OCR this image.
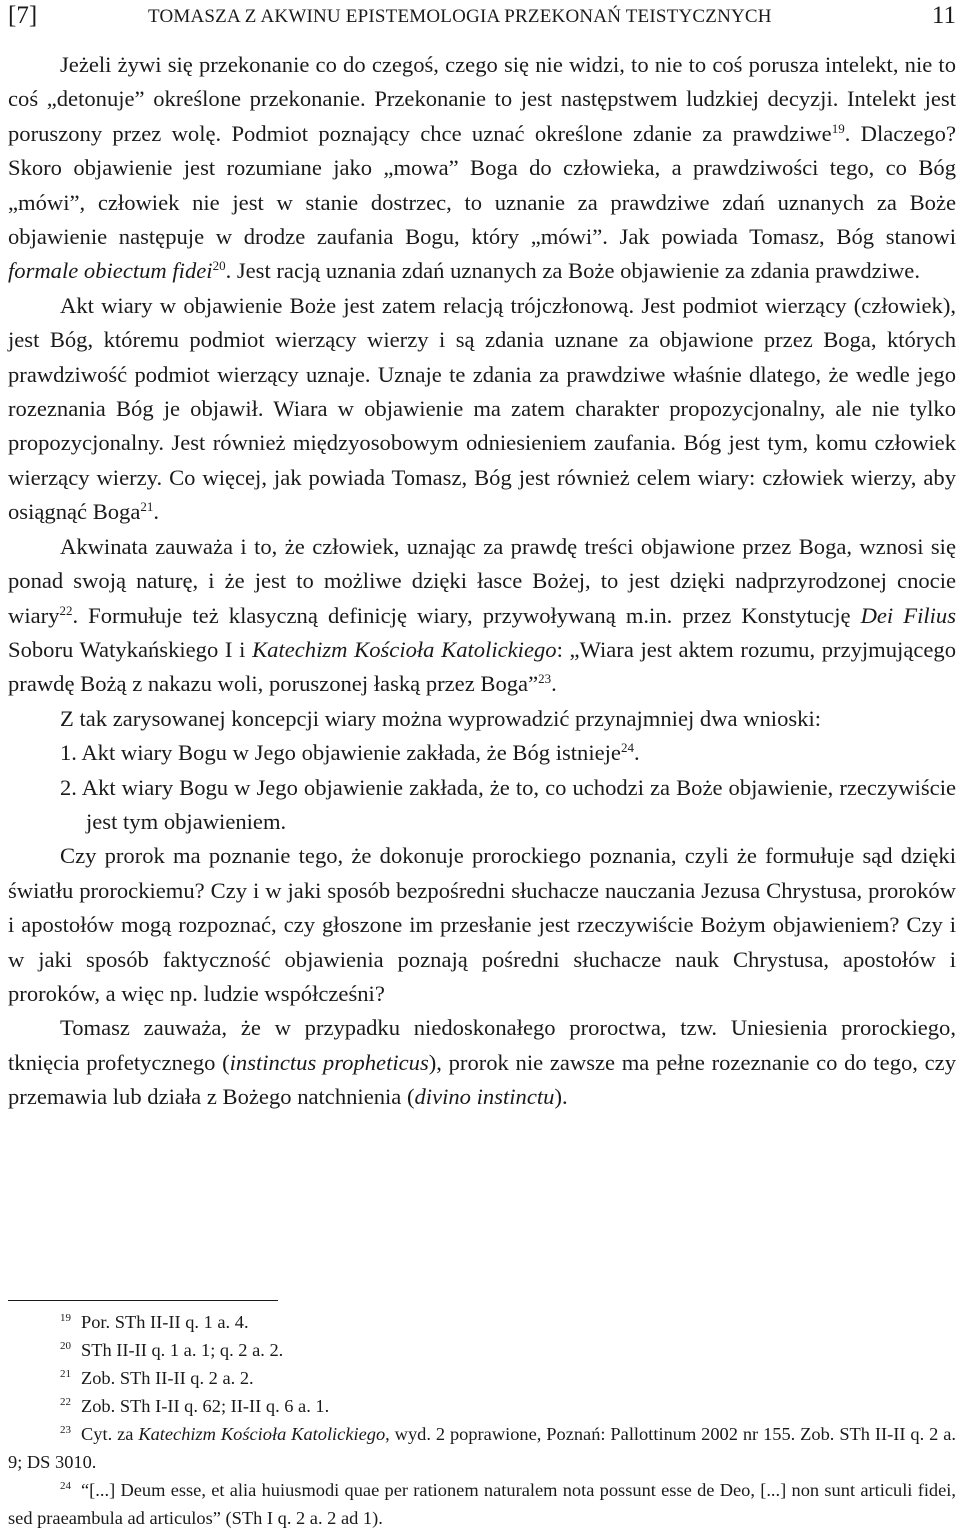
[7]	TOMASZA Z AKWINU EPISTEMOLOGIA PRZEKONAŃ TEISTYCZNYCH	11

Jeżeli żywi się przekonanie co do czegoś, czego się nie widzi, to nie to coś porusza intelekt, nie to coś „detonuje” określone przekonanie. Przekonanie to jest następstwem ludzkiej decyzji. Intelekt jest poruszony przez wolę. Podmiot poznający chce uznać określone zdanie za prawdziwe$^{19}$. Dlaczego? Skoro objawienie jest rozumiane jako „mowa” Boga do człowieka, a prawdziwości tego, co Bóg „mówi”, człowiek nie jest w stanie dostrzec, to uznanie za prawdziwe zdań uznanych za Boże objawienie następuje w drodze zaufania Bogu, który „mówi”. Jak powiada Tomasz, Bóg stanowi formale obiectum fidei$^{20}$. Jest racją uznania zdań uznanych za Boże objawienie za zdania prawdziwe.

Akt wiary w objawienie Boże jest zatem relacją trójczłonową. Jest podmiot wierzący (człowiek), jest Bóg, któremu podmiot wierzący wierzy i są zdania uznane za objawione przez Boga, których prawdziwość podmiot wierzący uznaje. Uznaje te zdania za prawdziwe właśnie dlatego, że wedle jego rozeznania Bóg je objawił. Wiara w objawienie ma zatem charakter propozycjonalny, ale nie tylko propozycjonalny. Jest również międzyosobowym odniesieniem zaufania. Bóg jest tym, komu człowiek wierzący wierzy. Co więcej, jak powiada Tomasz, Bóg jest również celem wiary: człowiek wierzy, aby osiągnąć Boga$^{21}$.

Akwinata zauważa i to, że człowiek, uznając za prawdę treści objawione przez Boga, wznosi się ponad swoją naturę, i że jest to możliwe dzięki łasce Bożej, to jest dzięki nadprzyrodzonej cnocie wiary$^{22}$. Formułuje też klasyczną definicję wiary, przywoływaną m.in. przez Konstytucję Dei Filius Soboru Watykańskiego I i Katechizm Kościoła Katolickiego: „Wiara jest aktem rozumu, przyjmującego prawdę Bożą z nakazu woli, poruszonej łaską przez Boga”$^{23}$.

Z tak zarysowanej koncepcji wiary można wyprowadzić przynajmniej dwa wnioski:

1. Akt wiary Bogu w Jego objawienie zakłada, że Bóg istnieje$^{24}$.

2. Akt wiary Bogu w Jego objawienie zakłada, że to, co uchodzi za Boże objawienie, rzeczywiście jest tym objawieniem.

Czy prorok ma poznanie tego, że dokonuje prorockiego poznania, czyli że formułuje sąd dzięki światłu prorockiemu? Czy i w jaki sposób bezpośredni słuchacze nauczania Jezusa Chrystusa, proroków i apostołów mogą rozpoznać, czy głoszone im przesłanie jest rzeczywiście Bożym objawieniem? Czy i w jaki sposób faktyczność objawienia poznają pośredni słuchacze nauk Chrystusa, apostołów i proroków, a więc np. ludzie współcześni?

Tomasz zauważa, że w przypadku niedoskonałego proroctwa, tzw. Uniesienia prorockiego, tknięcia profetycznego (instinctus propheticus), prorok nie zawsze ma pełne rozeznanie co do tego, czy przemawia lub działa z Bożego natchnienia (divino instinctu).

$^{19}$ Por. STh II-II q. 1 a. 4.

$^{20}$ STh II-II q. 1 a. 1; q. 2 a. 2.

$^{21}$ Zob. STh II-II q. 2 a. 2.

$^{22}$ Zob. STh I-II q. 62; II-II q. 6 a. 1.

$^{23}$ Cyt. za Katechizm Kościoła Katolickiego, wyd. 2 poprawione, Poznań: Pallottinum 2002 nr 155. Zob. STh II-II q. 2 a. 9; DS 3010.

$^{24}$ “[...] Deum esse, et alia huiusmodi quae per rationem naturalem nota possunt esse de Deo, [...] non sunt articuli fidei, sed praeambula ad articulos” (STh I q. 2 a. 2 ad 1).
